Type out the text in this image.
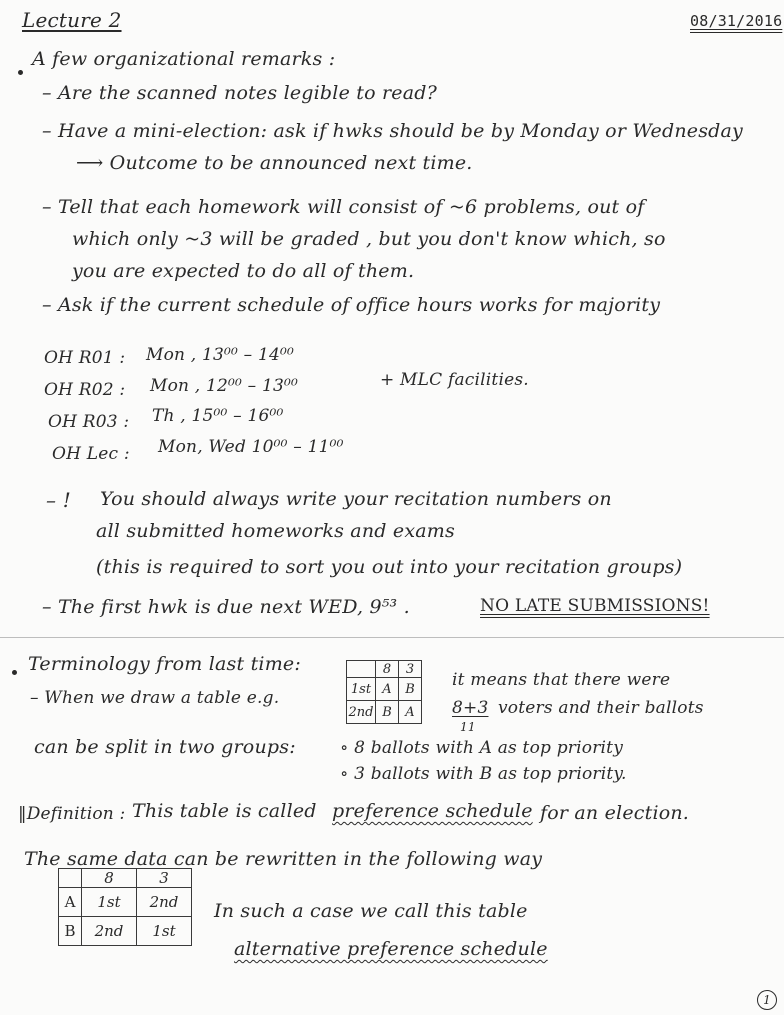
Lecture 2	08/31/2016
A few organizational remarks :
– Are the scanned notes legible to read?
– Have a mini-election: ask if hwks should be by Monday or Wednesday
⟶ Outcome to be announced next time.
– Tell that each homework will consist of ~6 problems, out of
which only ~3 will be graded , but you don't know which, so
you are expected to do all of them.
– Ask if the current schedule of office hours works for majority
OH R01 : Mon , 13⁰⁰ – 14⁰⁰
OH R02 : Mon , 12⁰⁰ – 13⁰⁰
OH R03 : Th , 15⁰⁰ – 16⁰⁰
OH Lec : Mon, Wed 10⁰⁰ – 11⁰⁰
+ MLC facilities.
– ! You should always write your recitation numbers on
all submitted homeworks and exams
(this is required to sort you out into your recitation groups)
– The first hwk is due next WED, 9⁵³ .	NO LATE SUBMISSIONS!
Terminology from last time:
– When we draw a table e.g.
	8	3
1st	A	B
2nd	B	A
it means that there were
8+3 voters and their ballots
11
can be split in two groups:	∘ 8 ballots with A as top priority
∘ 3 ballots with B as top priority.
‖Definition : This table is called preference schedule for an election.
The same data can be rewritten in the following way
	8	3
A	1st	2nd
B	2nd	1st
In such a case we call this table
alternative preference schedule
1
